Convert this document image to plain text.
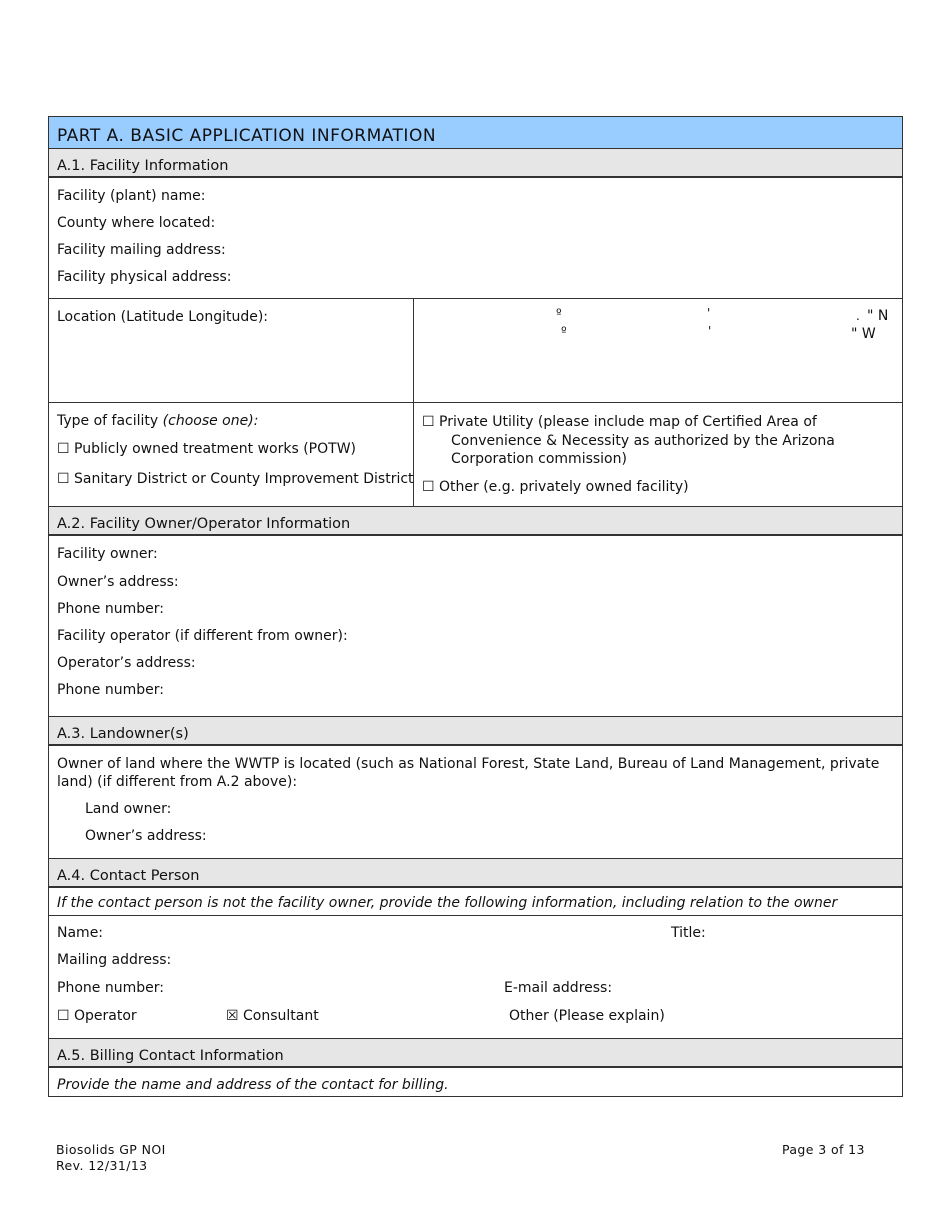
PART A. BASIC APPLICATION INFORMATION
A.1. Facility Information
Facility (plant) name:
County where located:
Facility mailing address:
Facility physical address:
Location (Latitude Longitude):	º	'	. " N
º	'	" W
Type of facility (choose one):
☐ Publicly owned treatment works (POTW)
☐ Sanitary District or County Improvement District
☐ Private Utility (please include map of Certified Area of
Convenience & Necessity as authorized by the Arizona
Corporation commission)
☐ Other (e.g. privately owned facility)
A.2. Facility Owner/Operator Information
Facility owner:
Owner’s address:
Phone number:
Facility operator (if different from owner):
Operator’s address:
Phone number:
A.3. Landowner(s)
Owner of land where the WWTP is located (such as National Forest, State Land, Bureau of Land Management, private
land) (if different from A.2 above):
Land owner:
Owner’s address:
A.4. Contact Person
If the contact person is not the facility owner, provide the following information, including relation to the owner
Name:	Title:
Mailing address:
Phone number:	E-mail address:
☐ Operator	☒ Consultant	Other (Please explain)
A.5. Billing Contact Information
Provide the name and address of the contact for billing.
Biosolids GP NOI
Rev. 12/31/13
Page 3 of 13
